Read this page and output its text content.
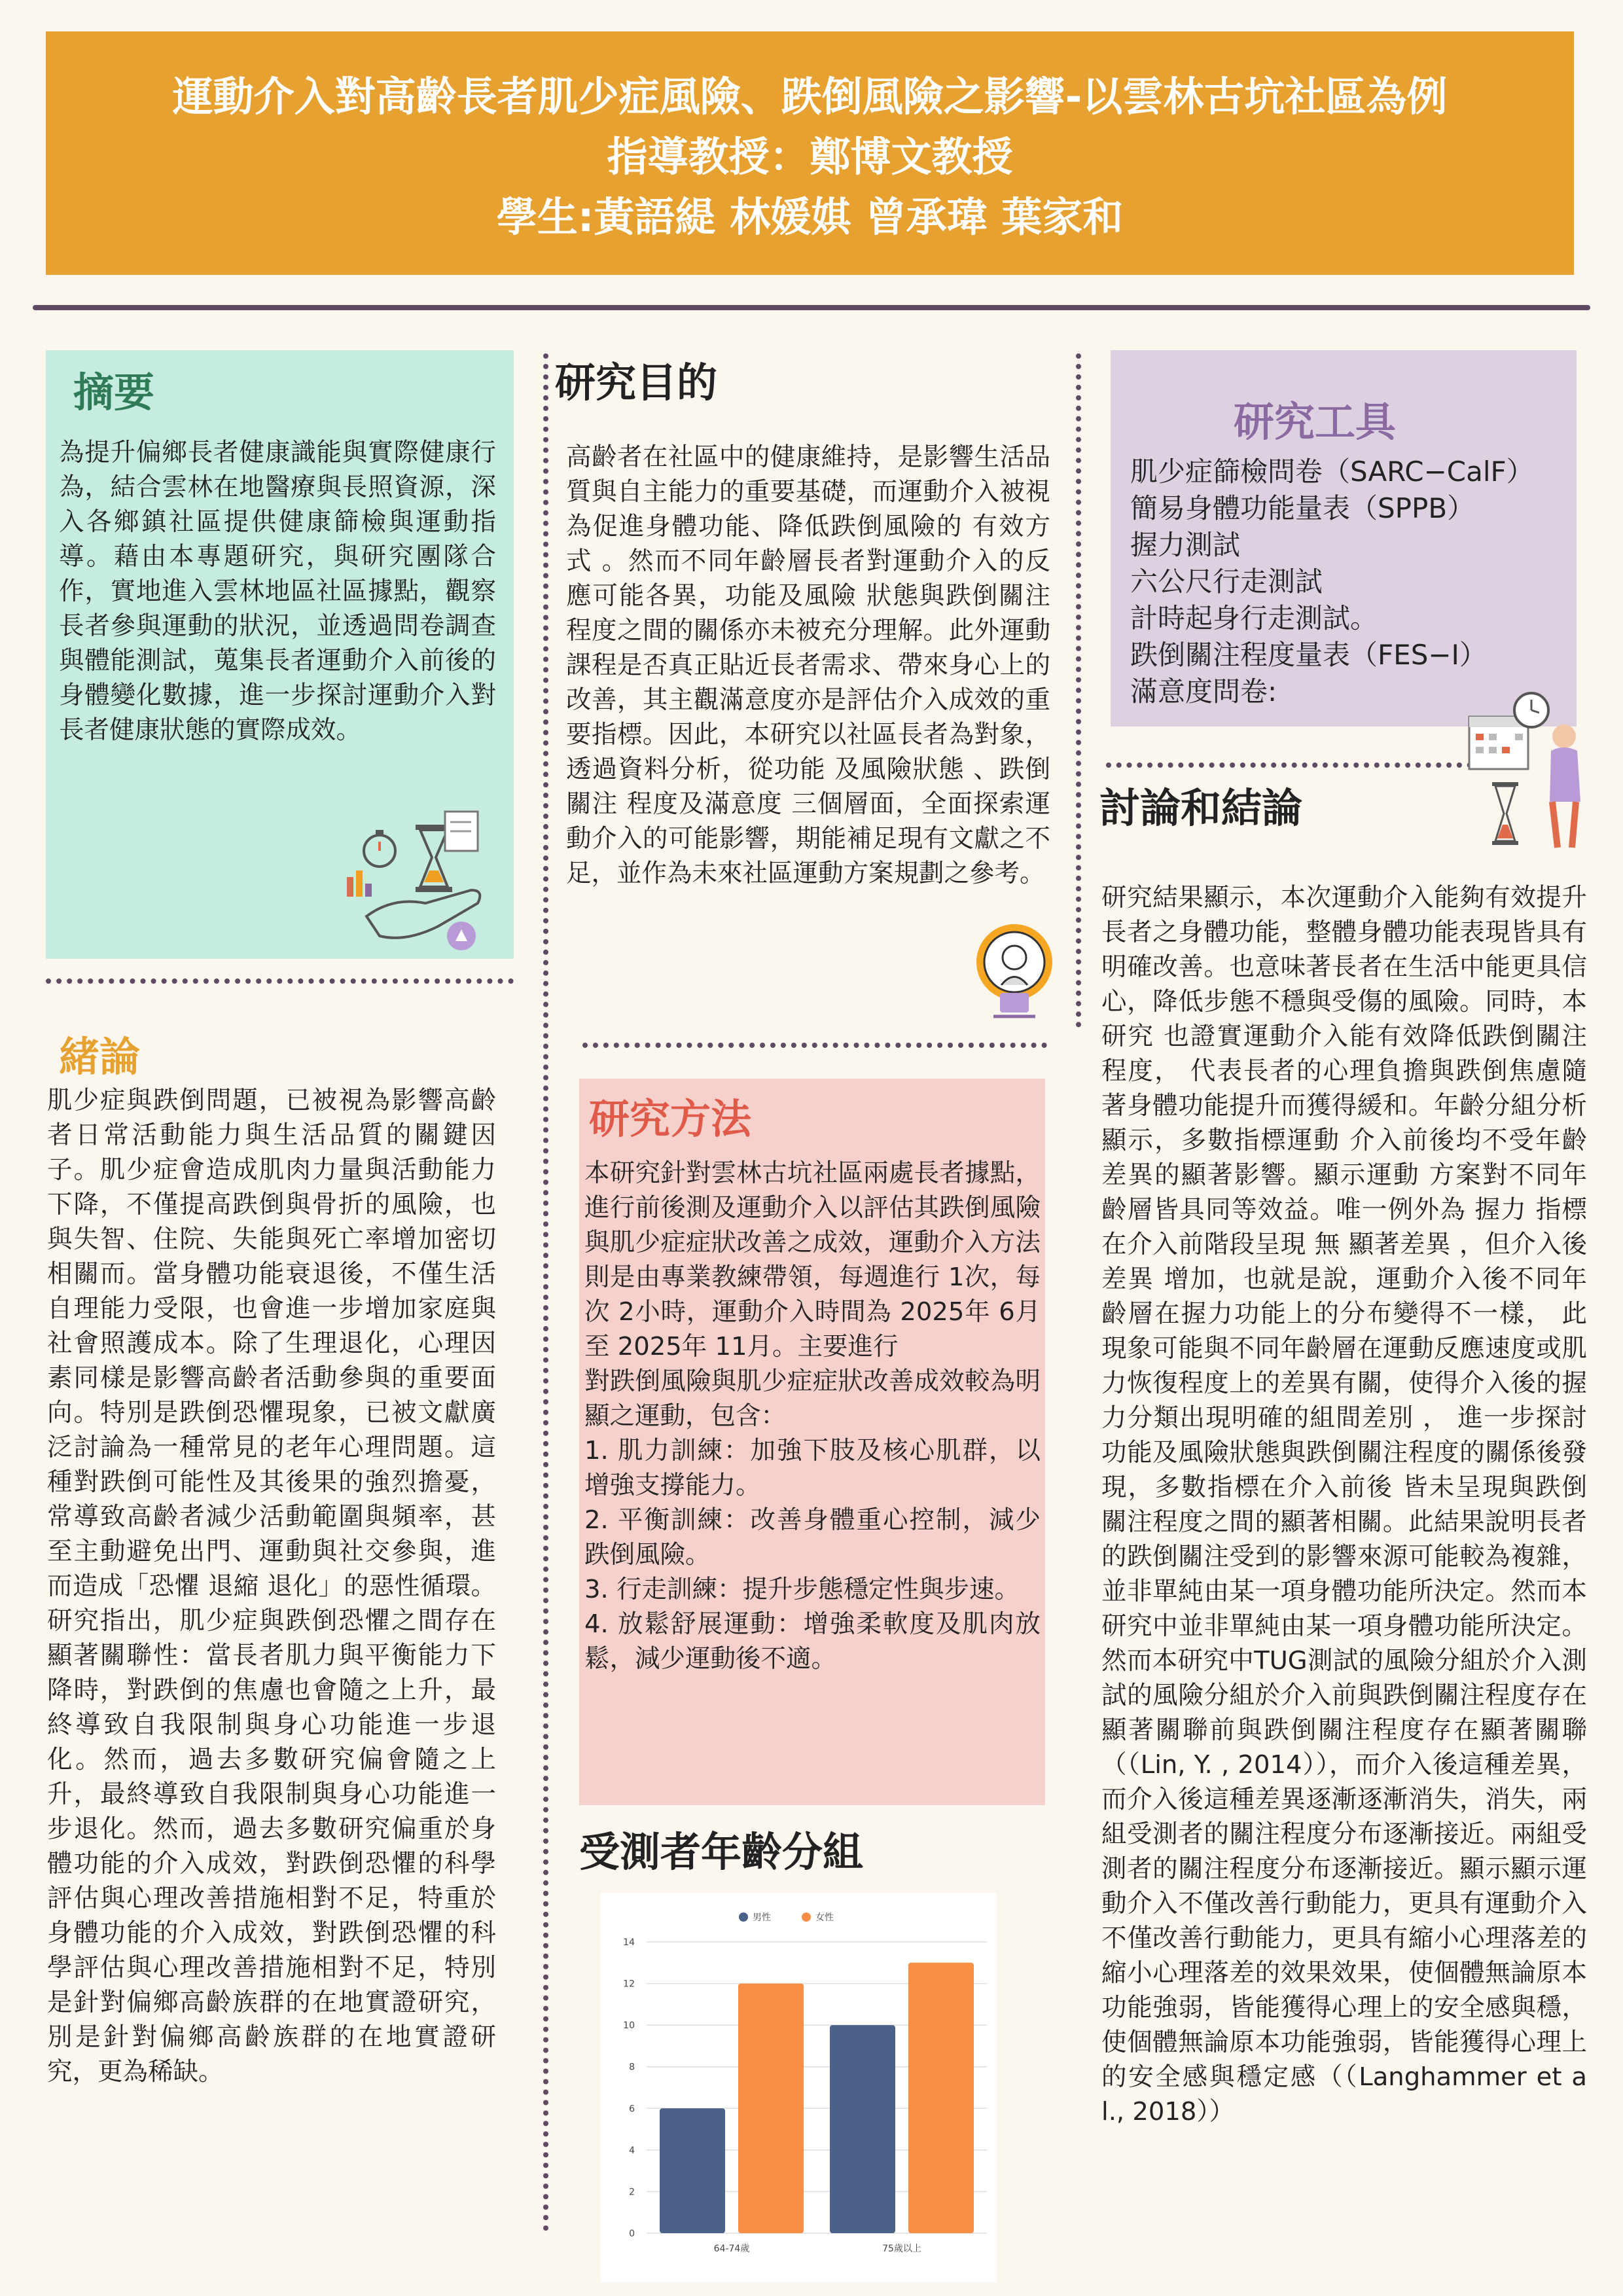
運動介入對高齡長者肌少症風險、跌倒風險之影響-以雲林古坑社區為例
指導教授：鄭博文教授
學生:黃語緹 林媛娸 曾承瑋 葉家和
摘要
為提升偏鄉長者健康識能與實際健康行為，結合雲林在地醫療與長照資源，深入各鄉鎮社區提供健康篩檢與運動指導。藉由本專題研究，與研究團隊合作，實地進入雲林地區社區據點，觀察長者參與運動的狀況，並透過問卷調查與體能測試，蒐集長者運動介入前後的身體變化數據，進一步探討運動介入對長者健康狀態的實際成效。
緒論
肌少症與跌倒問題，已被視為影響高齡者日常活動能力與生活品質的關鍵因子。肌少症會造成肌肉力量與活動能力下降，不僅提高跌倒與骨折的風險，也與失智、住院、失能與死亡率增加密切相關而。當身體功能衰退後，不僅生活自理能力受限，也會進一步增加家庭與社會照護成本。除了生理退化，心理因素同樣是影響高齡者活動參與的重要面向。特別是跌倒恐懼現象，已被文獻廣泛討論為一種常見的老年心理問題。這種對跌倒可能性及其後果的強烈擔憂，常導致高齡者減少活動範圍與頻率，甚至主動避免出門、運動與社交參與，進而造成「恐懼 退縮 退化」的惡性循環。 研究指出，肌少症與跌倒恐懼之間存在顯著關聯性：當長者肌力與平衡能力下降時，對跌倒的焦慮也會隨之上升，最終導致自我限制與身心功能進一步退化。然而，過去多數研究偏會隨之上升，最終導致自我限制與身心功能進一步退化。然而，過去多數研究偏重於身體功能的介入成效，對跌倒恐懼的科學評估與心理改善措施相對不足，特重於身體功能的介入成效，對跌倒恐懼的科學評估與心理改善措施相對不足，特別是針對偏鄉高齡族群的在地實證研究，別是針對偏鄉高齡族群的在地實證研究，更為稀缺。
研究目的
高齡者在社區中的健康維持，是影響生活品質與自主能力的重要基礎，而運動介入被視為促進身體功能、降低跌倒風險的 有效方式 。然而不同年齡層長者對運動介入的反應可能各異，功能及風險 狀態與跌倒關注程度之間的關係亦未被充分理解。此外運動課程是否真正貼近長者需求、帶來身心上的改善，其主觀滿意度亦是評估介入成效的重要指標。因此，本研究以社區長者為對象，透過資料分析，從功能 及風險狀態 、跌倒關注 程度及滿意度 三個層面，全面探索運動介入的可能影響，期能補足現有文獻之不足，並作為未來社區運動方案規劃之參考。
研究方法

本研究針對雲林古坑社區兩處長者據點，進行前後測及運動介入以評估其跌倒風險與肌少症症狀改善之成效，運動介入方法則是由專業教練帶領，每週進行 1次，每次 2小時，運動介入時間為 2025年 6月至 2025年 11月。主要進行

對跌倒風險與肌少症症狀改善成效較為明顯之運動，包含：

1. 肌力訓練：加強下肢及核心肌群，以增強支撐能力。

2. 平衡訓練：改善身體重心控制，減少跌倒風險。

3. 行走訓練：提升步態穩定性與步速。

4. 放鬆舒展運動：增強柔軟度及肌肉放鬆，減少運動後不適。

受測者年齡分組
0
2
4
6
8
10
12
14
64-74歲	75歲以上
男性	女性
研究工具
肌少症篩檢問卷（SARC−CalF）
簡易身體功能量表（SPPB）
握力測試
六公尺行走測試
計時起身行走測試。
跌倒關注程度量表（FES−I）
滿意度問卷:
討論和結論
研究結果顯示，本次運動介入能夠有效提升長者之身體功能，整體身體功能表現皆具有明確改善。也意味著長者在生活中能更具信心，降低步態不穩與受傷的風險。同時，本研究 也證實運動介入能有效降低跌倒關注程度， 代表長者的心理負擔與跌倒焦慮隨著身體功能提升而獲得緩和。年齡分組分析顯示，多數指標運動 介入前後均不受年齡差異的顯著影響。顯示運動 方案對不同年齡層皆具同等效益。唯一例外為 握力 指標在介入前階段呈現 無 顯著差異 ，但介入後差異 增加，也就是說，運動介入後不同年齡層在握力功能上的分布變得不一樣， 此現象可能與不同年齡層在運動反應速度或肌力恢復程度上的差異有關，使得介入後的握力分類出現明確的組間差別 ， 進一步探討功能及風險狀態與跌倒關注程度的關係後發現，多數指標在介入前後 皆未呈現與跌倒關注程度之間的顯著相關。此結果說明長者的跌倒關注受到的影響來源可能較為複雜，並非單純由某一項身體功能所決定。然而本研究中並非單純由某一項身體功能所決定。然而本研究中TUG測試的風險分組於介入測試的風險分組於介入前與跌倒關注程度存在顯著關聯前與跌倒關注程度存在顯著關聯（（Lin, Y. , 2014）），而介入後這種差異，而介入後這種差異逐漸逐漸消失，消失，兩組受測者的關注程度分布逐漸接近。兩組受測者的關注程度分布逐漸接近。顯示顯示運動介入不僅改善行動能力，更具有運動介入不僅改善行動能力，更具有縮小心理落差的縮小心理落差的效果效果，使個體無論原本功能強弱，皆能獲得心理上的安全感與穩，使個體無論原本功能強弱，皆能獲得心理上的安全感與穩定感（（Langhammer et al., 2018））
